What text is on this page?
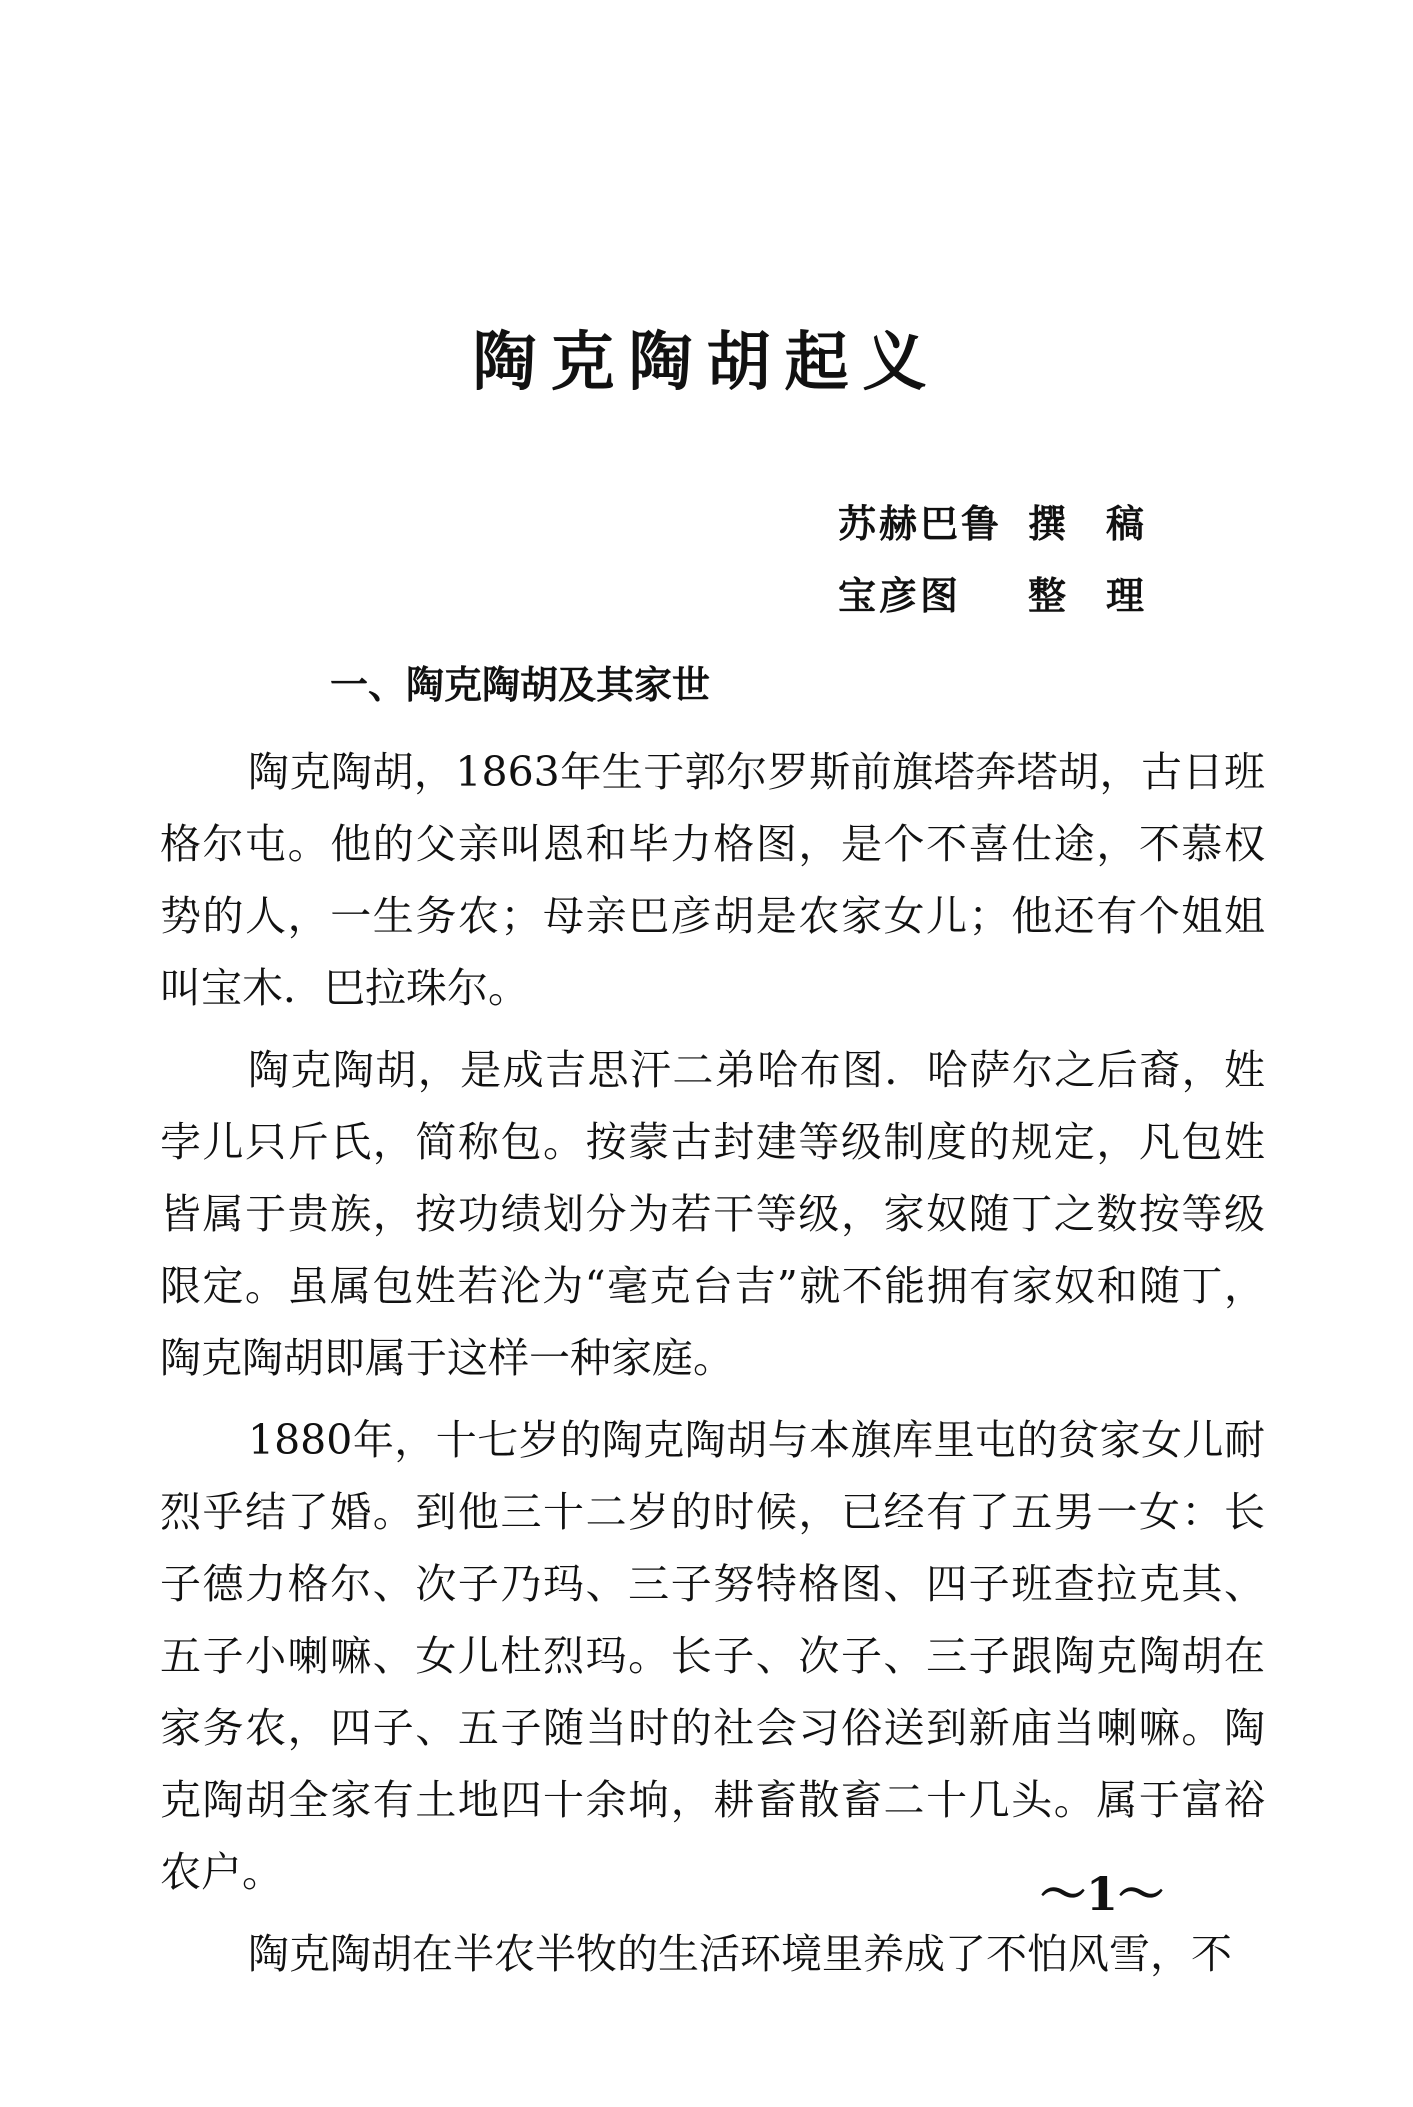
陶克陶胡起义
苏赫巴鲁 撰稿
宝彦图	整理
一、陶克陶胡及其家世

陶克陶胡，1863年生于郭尔罗斯前旗塔奔塔胡，古日班格尔屯。他的父亲叫恩和毕力格图，是个不喜仕途，不慕权势的人，一生务农；母亲巴彦胡是农家女儿；他还有个姐姐叫宝木．巴拉珠尔。

陶克陶胡，是成吉思汗二弟哈布图．哈萨尔之后裔，姓孛儿只斤氏，简称包。按蒙古封建等级制度的规定，凡包姓皆属于贵族，按功绩划分为若干等级，家奴随丁之数按等级限定。虽属包姓若沦为“毫克台吉”就不能拥有家奴和随丁，陶克陶胡即属于这样一种家庭。

1880年，十七岁的陶克陶胡与本旗库里屯的贫家女儿耐烈乎结了婚。到他三十二岁的时候，已经有了五男一女：长子德力格尔、次子乃玛、三子努特格图、四子班查拉克其、五子小喇嘛、女儿杜烈玛。长子、次子、三子跟陶克陶胡在家务农，四子、五子随当时的社会习俗送到新庙当喇嘛。陶克陶胡全家有土地四十余垧，耕畜散畜二十几头。属于富裕农户。

陶克陶胡在半农半牧的生活环境里养成了不怕风雪，不

～1～
